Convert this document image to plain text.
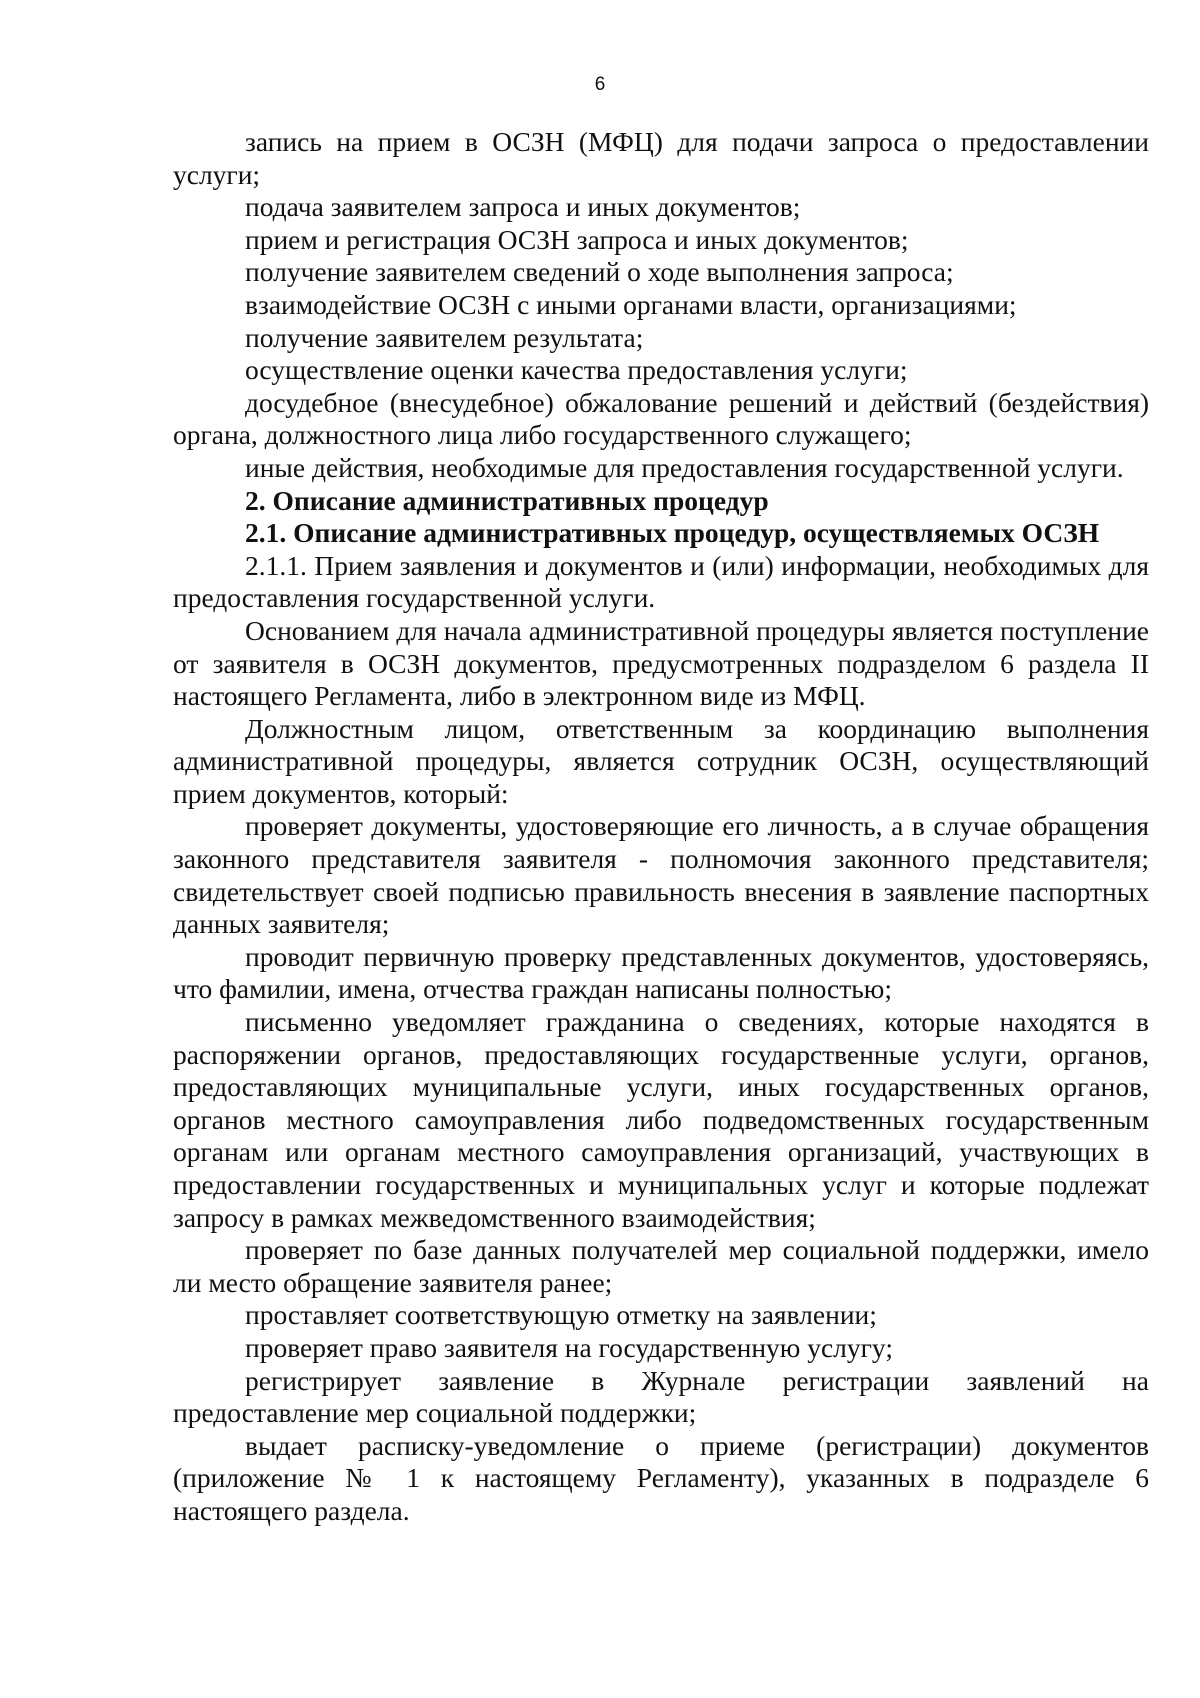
6

запись на прием в ОСЗН (МФЦ) для подачи запроса о предоставлении услуги;

подача заявителем запроса и иных документов;

прием и регистрация ОСЗН запроса и иных документов;

получение заявителем сведений о ходе выполнения запроса;

взаимодействие ОСЗН с иными органами власти, организациями;

получение заявителем результата;

осуществление оценки качества предоставления услуги;

досудебное (внесудебное) обжалование решений и действий (бездействия) органа, должностного лица либо государственного служащего;

иные действия, необходимые для предоставления государственной услуги.

2. Описание административных процедур

2.1. Описание административных процедур, осуществляемых ОСЗН

2.1.1. Прием заявления и документов и (или) информации, необходимых для предоставления государственной услуги.

Основанием для начала административной процедуры является поступление от заявителя в ОСЗН документов, предусмотренных подразделом 6 раздела II настоящего Регламента, либо в электронном виде из МФЦ.

Должностным лицом, ответственным за координацию выполнения административной процедуры, является сотрудник ОСЗН, осуществляющий прием документов, который:

проверяет документы, удостоверяющие его личность, а в случае обращения законного представителя заявителя - полномочия законного представителя; свидетельствует своей подписью правильность внесения в заявление паспортных данных заявителя;

проводит первичную проверку представленных документов, удостоверяясь, что фамилии, имена, отчества граждан написаны полностью;

письменно уведомляет гражданина о сведениях, которые находятся в распоряжении органов, предоставляющих государственные услуги, органов, предоставляющих муниципальные услуги, иных государственных органов, органов местного самоуправления либо подведомственных государственным органам или органам местного самоуправления организаций, участвующих в предоставлении государственных и муниципальных услуг и которые подлежат запросу в рамках межведомственного взаимодействия;

проверяет по базе данных получателей мер социальной поддержки, имело ли место обращение заявителя ранее;

проставляет соответствующую отметку на заявлении;

проверяет право заявителя на государственную услугу;

регистрирует заявление в Журнале регистрации заявлений на предоставление мер социальной поддержки;

выдает расписку-уведомление о приеме (регистрации) документов (приложение № 1 к настоящему Регламенту), указанных в подразделе 6 настоящего раздела.
